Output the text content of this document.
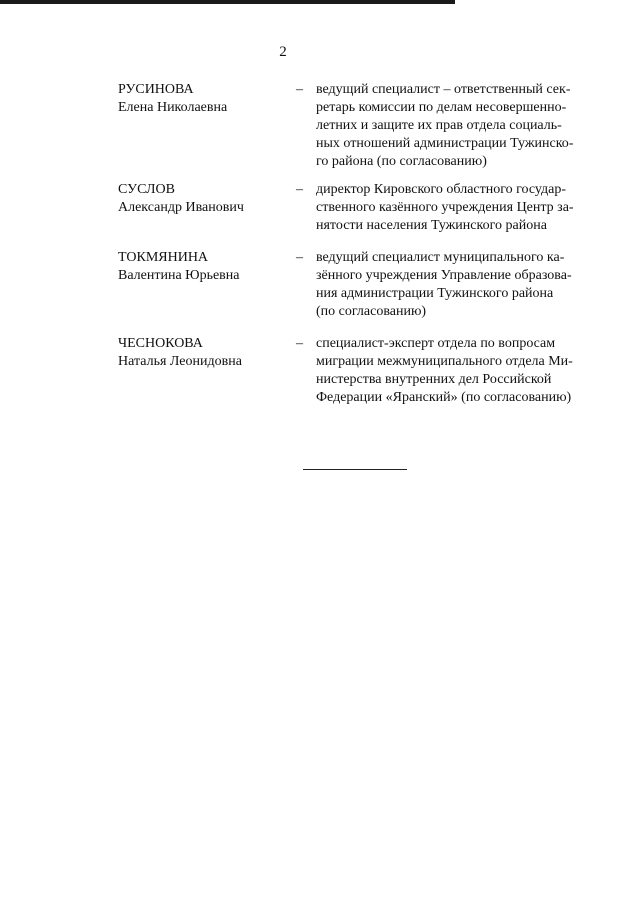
2
РУСИНОВА
Елена Николаевна
– ведущий специалист – ответственный сек-
ретарь комиссии по делам несовершенно-
летних и защите их прав отдела социаль-
ных отношений администрации Тужинско-
го района (по согласованию)
СУСЛОВ
Александр Иванович
– директор Кировского областного государ-
ственного казённого учреждения Центр за-
нятости населения Тужинского района
ТОКМЯНИНА
Валентина Юрьевна
– ведущий специалист муниципального ка-
зённого учреждения Управление образова-
ния администрации Тужинского района
(по согласованию)
ЧЕСНОКОВА
Наталья Леонидовна
– специалист-эксперт отдела по вопросам
миграции межмуниципального отдела Ми-
нистерства внутренних дел Российской
Федерации «Яранский» (по согласованию)
